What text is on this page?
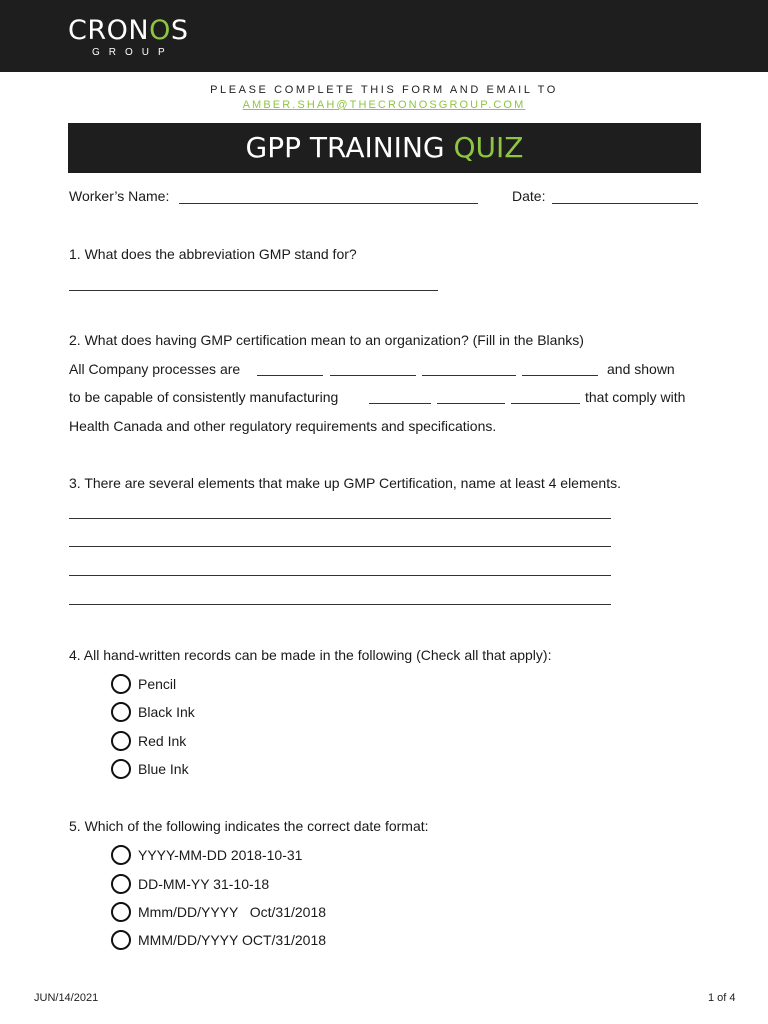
CRONOS
GROUP
PLEASE COMPLETE THIS FORM AND EMAIL TO
AMBER.SHAH@THECRONOSGROUP.COM
GPP TRAINING QUIZ
Worker’s Name:	Date:
1. What does the abbreviation GMP stand for?
2. What does having GMP certification mean to an organization? (Fill in the Blanks)
All Company processes are	and shown
to be capable of consistently manufacturing	that comply with
Health Canada and other regulatory requirements and specifications.
3. There are several elements that make up GMP Certification, name at least 4 elements.
4. All hand-written records can be made in the following (Check all that apply):
Pencil
Black Ink
Red Ink
Blue Ink
5. Which of the following indicates the correct date format:
YYYY-MM-DD 2018-10-31
DD-MM-YY 31-10-18
Mmm/DD/YYYY   Oct/31/2018
MMM/DD/YYYY OCT/31/2018
JUN/14/2021	1 of 4
